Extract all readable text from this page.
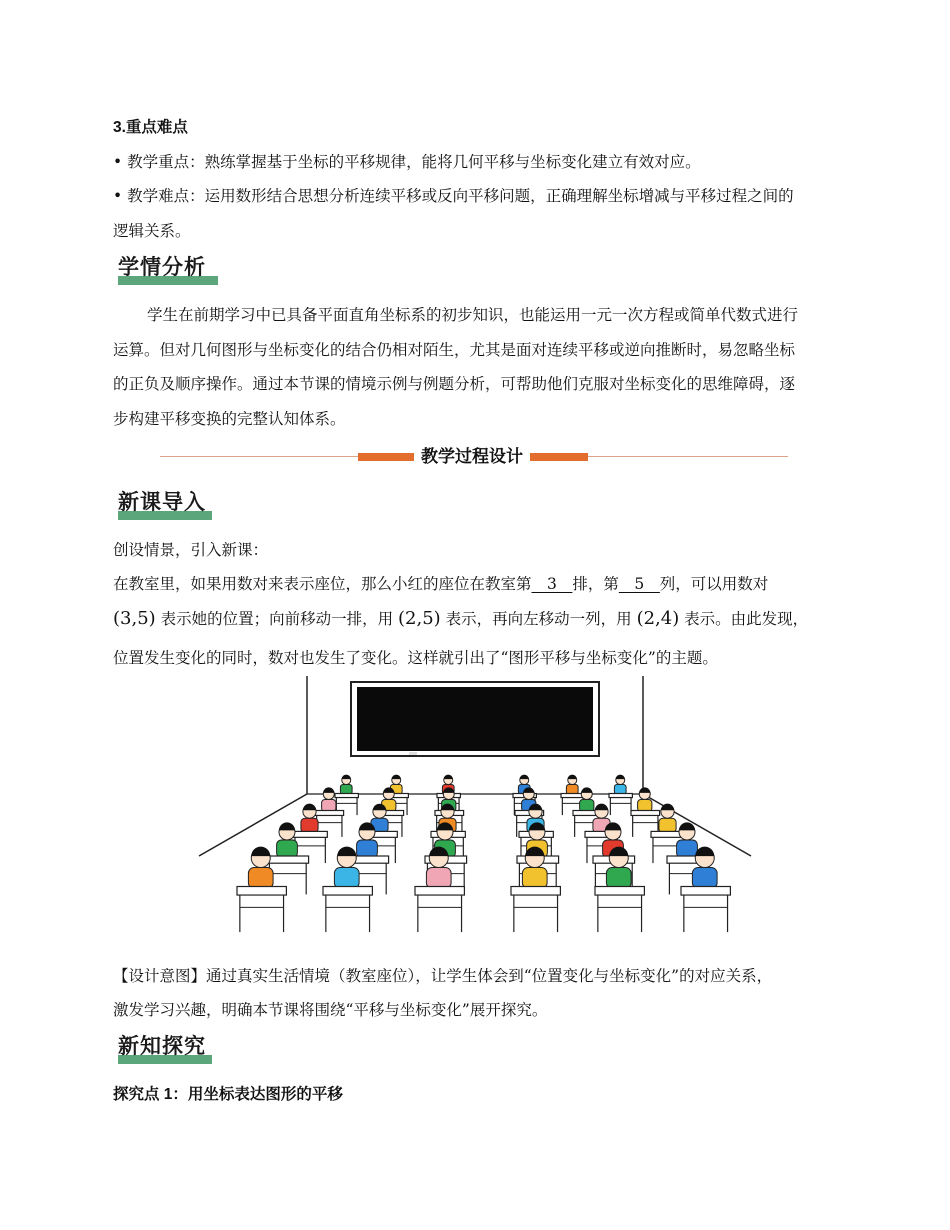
3.重点难点
• 教学重点：熟练掌握基于坐标的平移规律，能将几何平移与坐标变化建立有效对应。
• 教学难点：运用数形结合思想分析连续平移或反向平移问题，正确理解坐标增减与平移过程之间的
逻辑关系。
学情分析
学生在前期学习中已具备平面直角坐标系的初步知识，也能运用一元一次方程或简单代数式进行
运算。但对几何图形与坐标变化的结合仍相对陌生，尤其是面对连续平移或逆向推断时，易忽略坐标
的正负及顺序操作。通过本节课的情境示例与例题分析，可帮助他们克服对坐标变化的思维障碍，逐
步构建平移变换的完整认知体系。
教学过程设计
新课导入
创设情景，引入新课：
在教室里，如果用数对来表示座位，那么小红的座位在教室第__3__排，第__5__列，可以用数对
(3,5) 表示她的位置；向前移动一排，用 (2,5) 表示，再向左移动一列，用 (2,4) 表示。由此发现，
位置发生变化的同时，数对也发生了变化。这样就引出了“图形平移与坐标变化”的主题。
【设计意图】通过真实生活情境（教室座位），让学生体会到“位置变化与坐标变化”的对应关系，
激发学习兴趣，明确本节课将围绕“平移与坐标变化”展开探究。
新知探究
探究点 1：用坐标表达图形的平移
